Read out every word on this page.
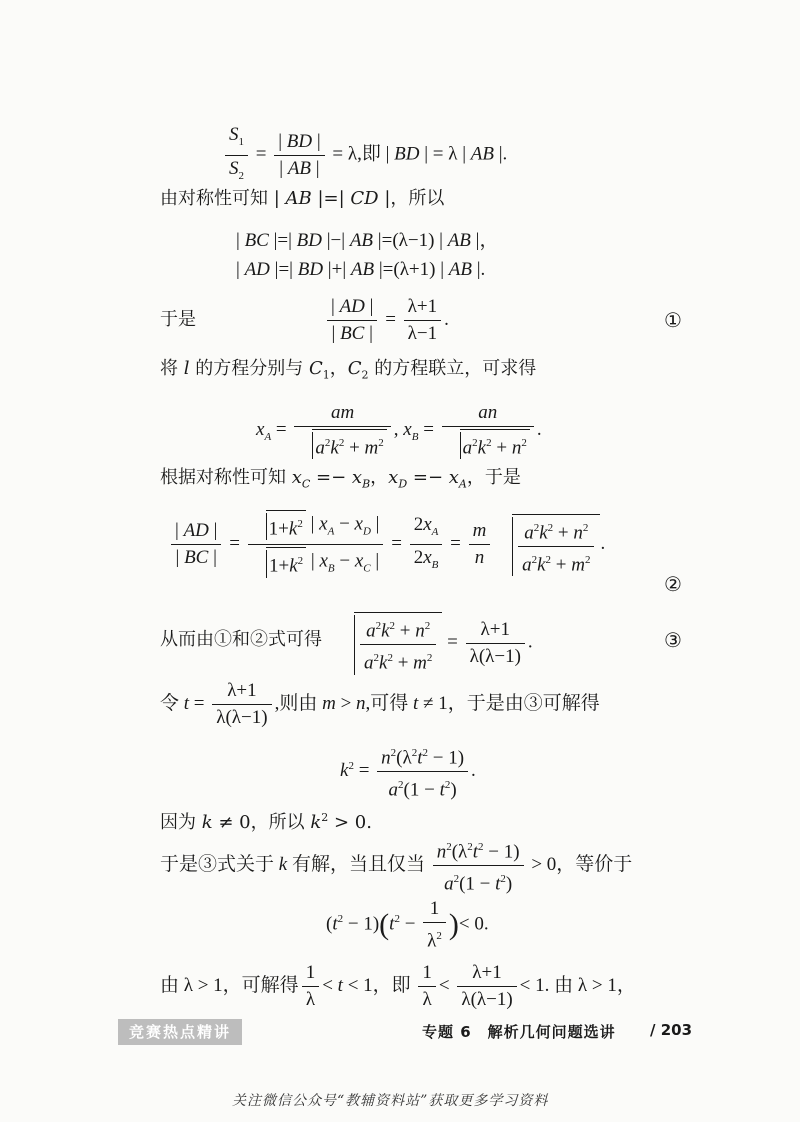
$\frac{S_1}{S_2} = \frac{| BD |}{| AB |} = \lambda$,即 | BD | = λ | AB |.
由对称性可知 | AB |=| CD |，所以
| BC |=| BD |−| AB |=(λ−1) | AB |，
| AD |=| BD |+| AB |=(λ+1) | AB |.
于是	$\frac{| AD |}{| BC |} = \frac{\lambda+1}{\lambda-1}$ .	①
将 l 的方程分别与 $C_1$，$C_2$ 的方程联立，可求得
$x_A = \frac{am}{a^2k^2 + m^2}$ , $x_B = \frac{an}{a^2k^2 + n^2}$ .
根据对称性可知 $x_C =- x_B$，$x_D =- x_A$，于是
$\frac{| AD |}{| BC |} = \frac{1+k^2 | x_A - x_D |}{1+k^2 | x_B - x_C |} = \frac{2x_A}{2x_B} = \frac{m}{n}$
$\frac{a^2k^2 + n^2}{a^2k^2 + m^2}$ .
②
从而由①和②式可得 $\frac{a^2k^2 + n^2}{a^2k^2 + m^2} = \frac{\lambda+1}{\lambda(\lambda-1)}$ .	③
令 $t = \frac{\lambda+1}{\lambda(\lambda-1)}$ ,则由 m > n,可得 t ≠ 1，于是由③可解得
$k^2 = \frac{n^2(\lambda^2t^2 - 1)}{a^2(1 - t^2)}$ .
因为 k ≠ 0，所以 $k^2 > 0$.
于是③式关于 k 有解，当且仅当 $\frac{n^2(\lambda^2t^2 - 1)}{a^2(1 - t^2)} > 0$，等价于
$(t^2 - 1)(t^2 - \frac{1}{\lambda^2}$ )< 0.
由 λ > 1，可解得 $\frac{1}{\lambda} < t < 1$，即 $\frac{1}{\lambda} < \frac{\lambda+1}{\lambda(\lambda-1)} < 1$. 由 λ > 1，
竞赛热点精讲	专题 6　解析几何问题选讲 / 203
关注微信公众号“教辅资料站”获取更多学习资料
